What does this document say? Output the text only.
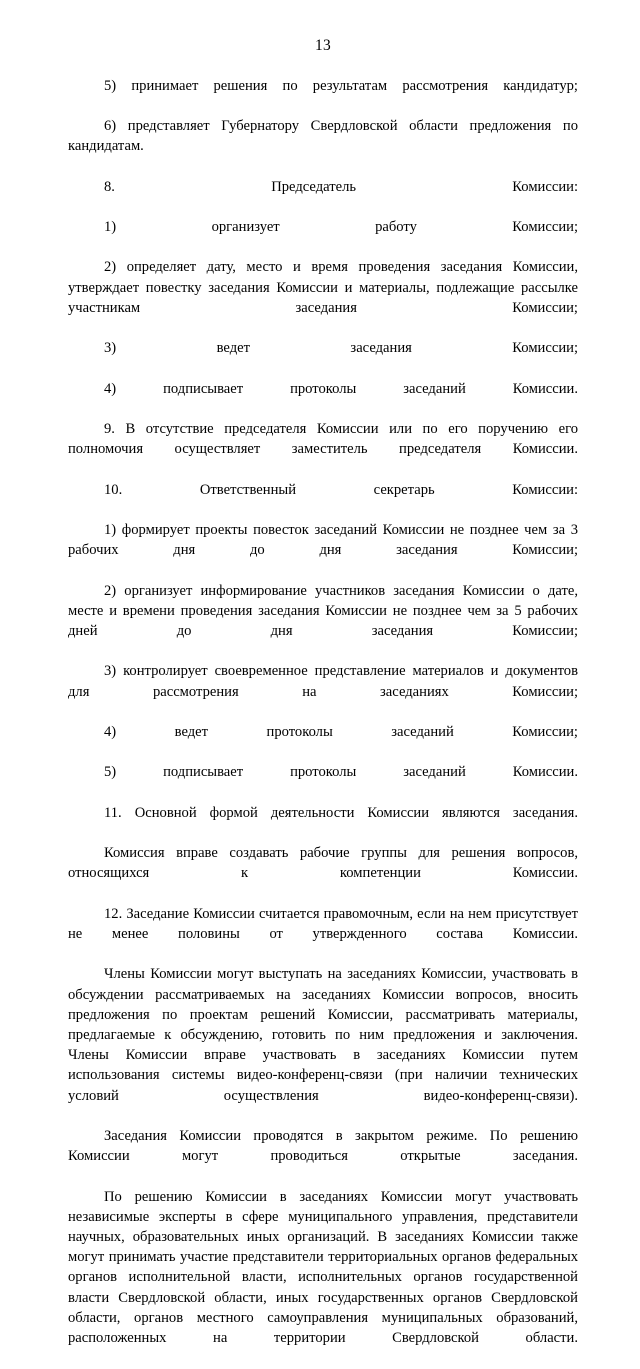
13

5) принимает решения по результатам рассмотрения кандидатур;

6) представляет Губернатору Свердловской области предложения по кандидатам.

8. Председатель Комиссии:

1) организует работу Комиссии;

2) определяет дату, место и время проведения заседания Комиссии, утверждает повестку заседания Комиссии и материалы, подлежащие рассылке участникам заседания Комиссии;

3) ведет заседания Комиссии;

4) подписывает протоколы заседаний Комиссии.

9. В отсутствие председателя Комиссии или по его поручению его полномочия осуществляет заместитель председателя Комиссии.

10. Ответственный секретарь Комиссии:

1) формирует проекты повесток заседаний Комиссии не позднее чем за 3 рабочих дня до дня заседания Комиссии;

2) организует информирование участников заседания Комиссии о дате, месте и времени проведения заседания Комиссии не позднее чем за 5 рабочих дней до дня заседания Комиссии;

3) контролирует своевременное представление материалов и документов для рассмотрения на заседаниях Комиссии;

4) ведет протоколы заседаний Комиссии;

5) подписывает протоколы заседаний Комиссии.

11. Основной формой деятельности Комиссии являются заседания.

Комиссия вправе создавать рабочие группы для решения вопросов, относящихся к компетенции Комиссии.

12. Заседание Комиссии считается правомочным, если на нем присутствует не менее половины от утвержденного состава Комиссии.

Члены Комиссии могут выступать на заседаниях Комиссии, участвовать в обсуждении рассматриваемых на заседаниях Комиссии вопросов, вносить предложения по проектам решений Комиссии, рассматривать материалы, предлагаемые к обсуждению, готовить по ним предложения и заключения. Члены Комиссии вправе участвовать в заседаниях Комиссии путем использования системы видео-конференц-связи (при наличии технических условий осуществления видео-конференц-связи).

Заседания Комиссии проводятся в закрытом режиме. По решению Комиссии могут проводиться открытые заседания.

По решению Комиссии в заседаниях Комиссии могут участвовать независимые эксперты в сфере муниципального управления, представители научных, образовательных иных организаций. В заседаниях Комиссии также могут принимать участие представители территориальных органов федеральных органов исполнительной власти, исполнительных органов государственной власти Свердловской области, иных государственных органов Свердловской области, органов местного самоуправления муниципальных образований, расположенных на территории Свердловской области.
